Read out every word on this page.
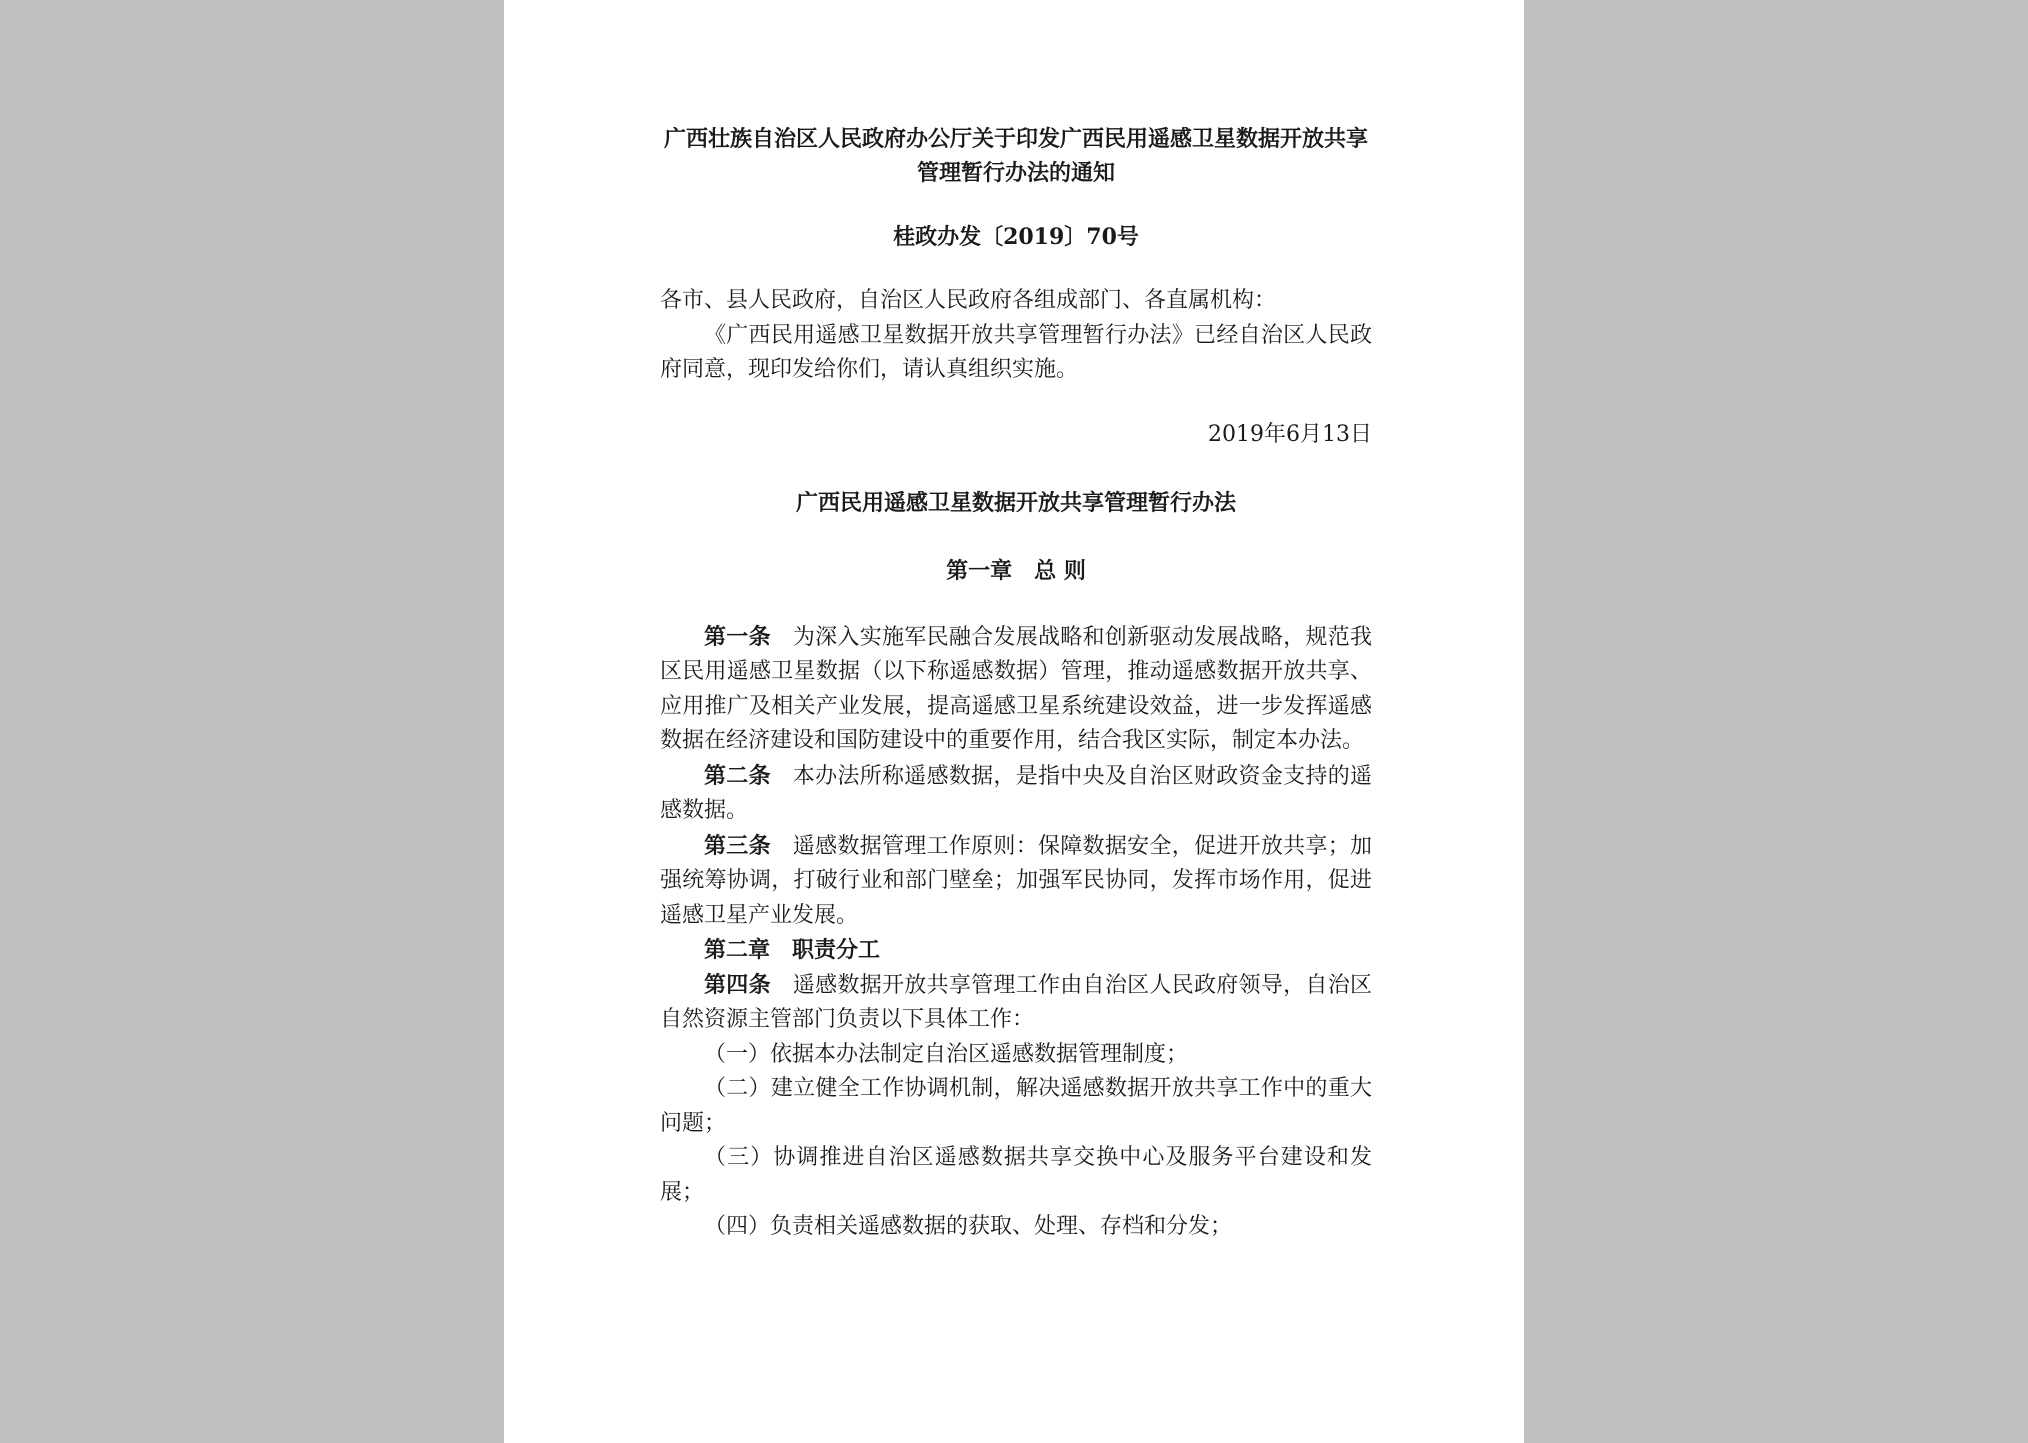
广西壮族自治区人民政府办公厅关于印发广西民用遥感卫星数据开放共享管理暂行办法的通知
桂政办发〔2019〕70号

各市、县人民政府，自治区人民政府各组成部门、各直属机构：

《广西民用遥感卫星数据开放共享管理暂行办法》已经自治区人民政府同意，现印发给你们，请认真组织实施。

2019年6月13日
广西民用遥感卫星数据开放共享管理暂行办法
第一章　总 则

第一条 为深入实施军民融合发展战略和创新驱动发展战略，规范我区民用遥感卫星数据（以下称遥感数据）管理，推动遥感数据开放共享、应用推广及相关产业发展，提高遥感卫星系统建设效益，进一步发挥遥感数据在经济建设和国防建设中的重要作用，结合我区实际，制定本办法。

第二条 本办法所称遥感数据，是指中央及自治区财政资金支持的遥感数据。

第三条 遥感数据管理工作原则：保障数据安全，促进开放共享；加强统筹协调，打破行业和部门壁垒；加强军民协同，发挥市场作用，促进遥感卫星产业发展。

第二章　职责分工

第四条 遥感数据开放共享管理工作由自治区人民政府领导，自治区自然资源主管部门负责以下具体工作：

（一）依据本办法制定自治区遥感数据管理制度；

（二）建立健全工作协调机制，解决遥感数据开放共享工作中的重大问题；

（三）协调推进自治区遥感数据共享交换中心及服务平台建设和发展；

（四）负责相关遥感数据的获取、处理、存档和分发；
